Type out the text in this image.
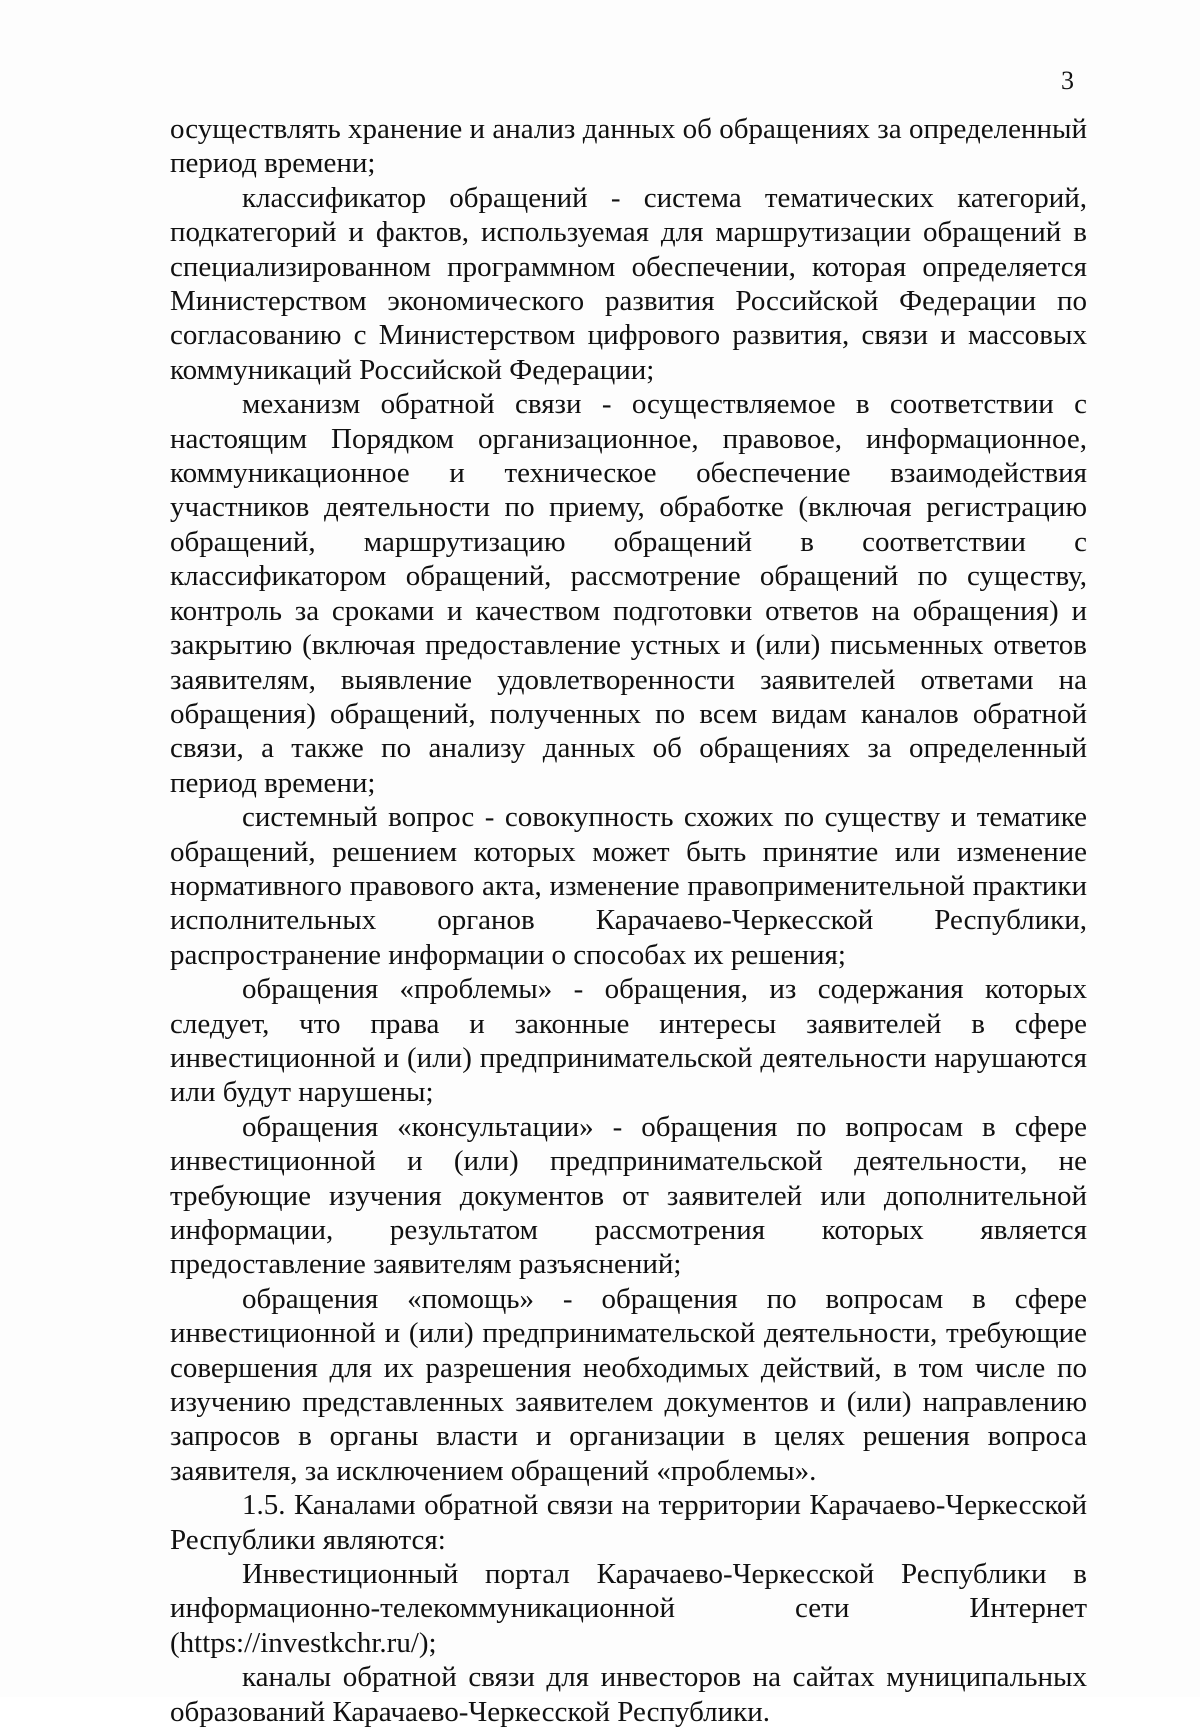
3

осуществлять хранение и анализ данных об обращениях за определенный период времени;

классификатор обращений - система тематических категорий, подкатегорий и фактов, используемая для маршрутизации обращений в специализированном программном обеспечении, которая определяется Министерством экономического развития Российской Федерации по согласованию с Министерством цифрового развития, связи и массовых коммуникаций Российской Федерации;

механизм обратной связи - осуществляемое в соответствии с настоящим Порядком организационное, правовое, информационное, коммуникационное и техническое обеспечение взаимодействия участников деятельности по приему, обработке (включая регистрацию обращений, маршрутизацию обращений в соответствии с классификатором обращений, рассмотрение обращений по существу, контроль за сроками и качеством подготовки ответов на обращения) и закрытию (включая предоставление устных и (или) письменных ответов заявителям, выявление удовлетворенности заявителей ответами на обращения) обращений, полученных по всем видам каналов обратной связи, а также по анализу данных об обращениях за определенный период времени;

системный вопрос - совокупность схожих по существу и тематике обращений, решением которых может быть принятие или изменение нормативного правового акта, изменение правоприменительной практики исполнительных органов Карачаево-Черкесской Республики, распространение информации о способах их решения;

обращения «проблемы» - обращения, из содержания которых следует, что права и законные интересы заявителей в сфере инвестиционной и (или) предпринимательской деятельности нарушаются или будут нарушены;

обращения «консультации» - обращения по вопросам в сфере инвестиционной и (или) предпринимательской деятельности, не требующие изучения документов от заявителей или дополнительной информации, результатом рассмотрения которых является предоставление заявителям разъяснений;

обращения «помощь» - обращения по вопросам в сфере инвестиционной и (или) предпринимательской деятельности, требующие совершения для их разрешения необходимых действий, в том числе по изучению представленных заявителем документов и (или) направлению запросов в органы власти и организации в целях решения вопроса заявителя, за исключением обращений «проблемы».

1.5. Каналами обратной связи на территории Карачаево-Черкесской Республики являются:

Инвестиционный портал Карачаево-Черкесской Республики в информационно-телекоммуникационной сети Интернет (https://investkchr.ru/);

каналы обратной связи для инвесторов на сайтах муниципальных образований Карачаево-Черкесской Республики.
